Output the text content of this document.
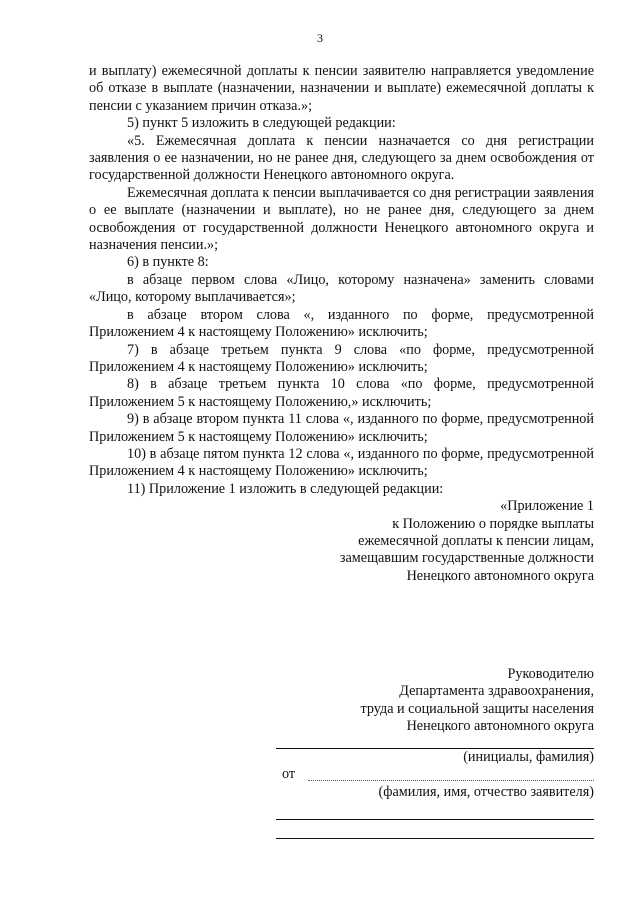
3

и выплату) ежемесячной доплаты к пенсии заявителю направляется уведомление об отказе в выплате (назначении, назначении и выплате) ежемесячной доплаты к пенсии с указанием причин отказа.»;

5) пункт 5 изложить в следующей редакции:

«5. Ежемесячная доплата к пенсии назначается со дня регистрации заявления о ее назначении, но не ранее дня, следующего за днем освобождения от государственной должности Ненецкого автономного округа.

Ежемесячная доплата к пенсии выплачивается со дня регистрации заявления о ее выплате (назначении и выплате), но не ранее дня, следующего за днем освобождения от государственной должности Ненецкого автономного округа и назначения пенсии.»;

6) в пункте 8:

в абзаце первом слова «Лицо, которому назначена» заменить словами «Лицо, которому выплачивается»;

в абзаце втором слова «, изданного по форме, предусмотренной Приложением 4 к настоящему Положению» исключить;

7) в абзаце третьем пункта 9 слова «по форме, предусмотренной Приложением 4 к настоящему Положению» исключить;

8) в абзаце третьем пункта 10 слова «по форме, предусмотренной Приложением 5 к настоящему Положению,» исключить;

9) в абзаце втором пункта 11 слова «, изданного по форме, предусмотренной Приложением 5 к настоящему Положению» исключить;

10) в абзаце пятом пункта 12 слова «, изданного по форме, предусмотренной Приложением 4 к настоящему Положению» исключить;

11) Приложение 1 изложить в следующей редакции:

«Приложение 1
к Положению о порядке выплаты
ежемесячной доплаты к пенсии лицам,
замещавшим государственные должности
Ненецкого автономного округа
Руководителю
Департамента здравоохранения,
труда и социальной защиты населения
Ненецкого автономного округа
(инициалы, фамилия)
от
(фамилия, имя, отчество заявителя)
